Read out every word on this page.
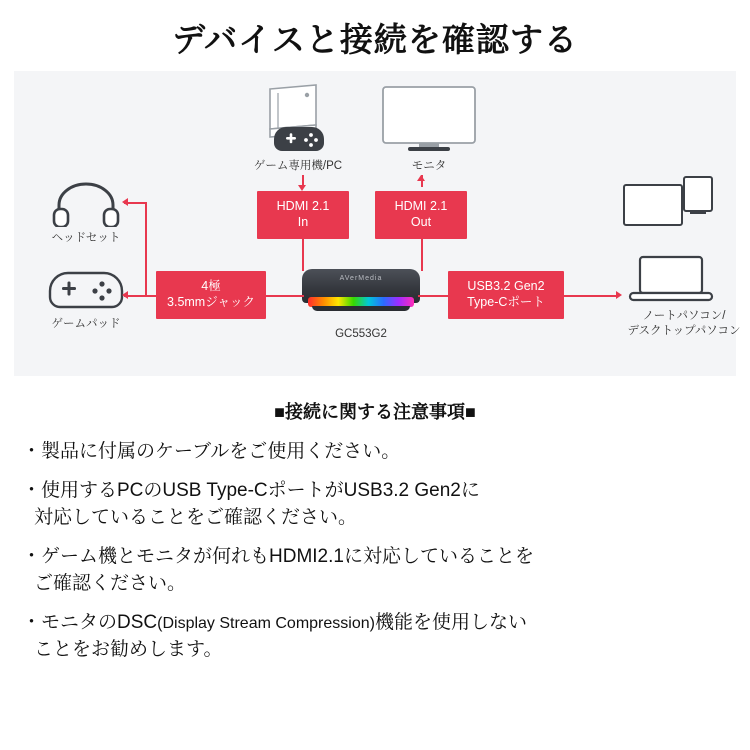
デバイスと接続を確認する
ゲーム専用機/PC	モニタ
ヘッドセット
ゲームパッド
ノートパソコン/
デスクトップパソコン
HDMI 2.1
In
HDMI 2.1
Out
4極
3.5mmジャック
USB3.2 Gen2
Type-Cポート
AVerMedia
GC553G2
■接続に関する注意事項■
・製品に付属のケーブルをご使用ください。
・使用するPCのUSB Type-CポートがUSB3.2 Gen2に
対応していることをご確認ください。
・ゲーム機とモニタが何れもHDMI2.1に対応していることを
ご確認ください。
・モニタのDSC(Display Stream Compression)機能を使用しない
ことをお勧めします。
